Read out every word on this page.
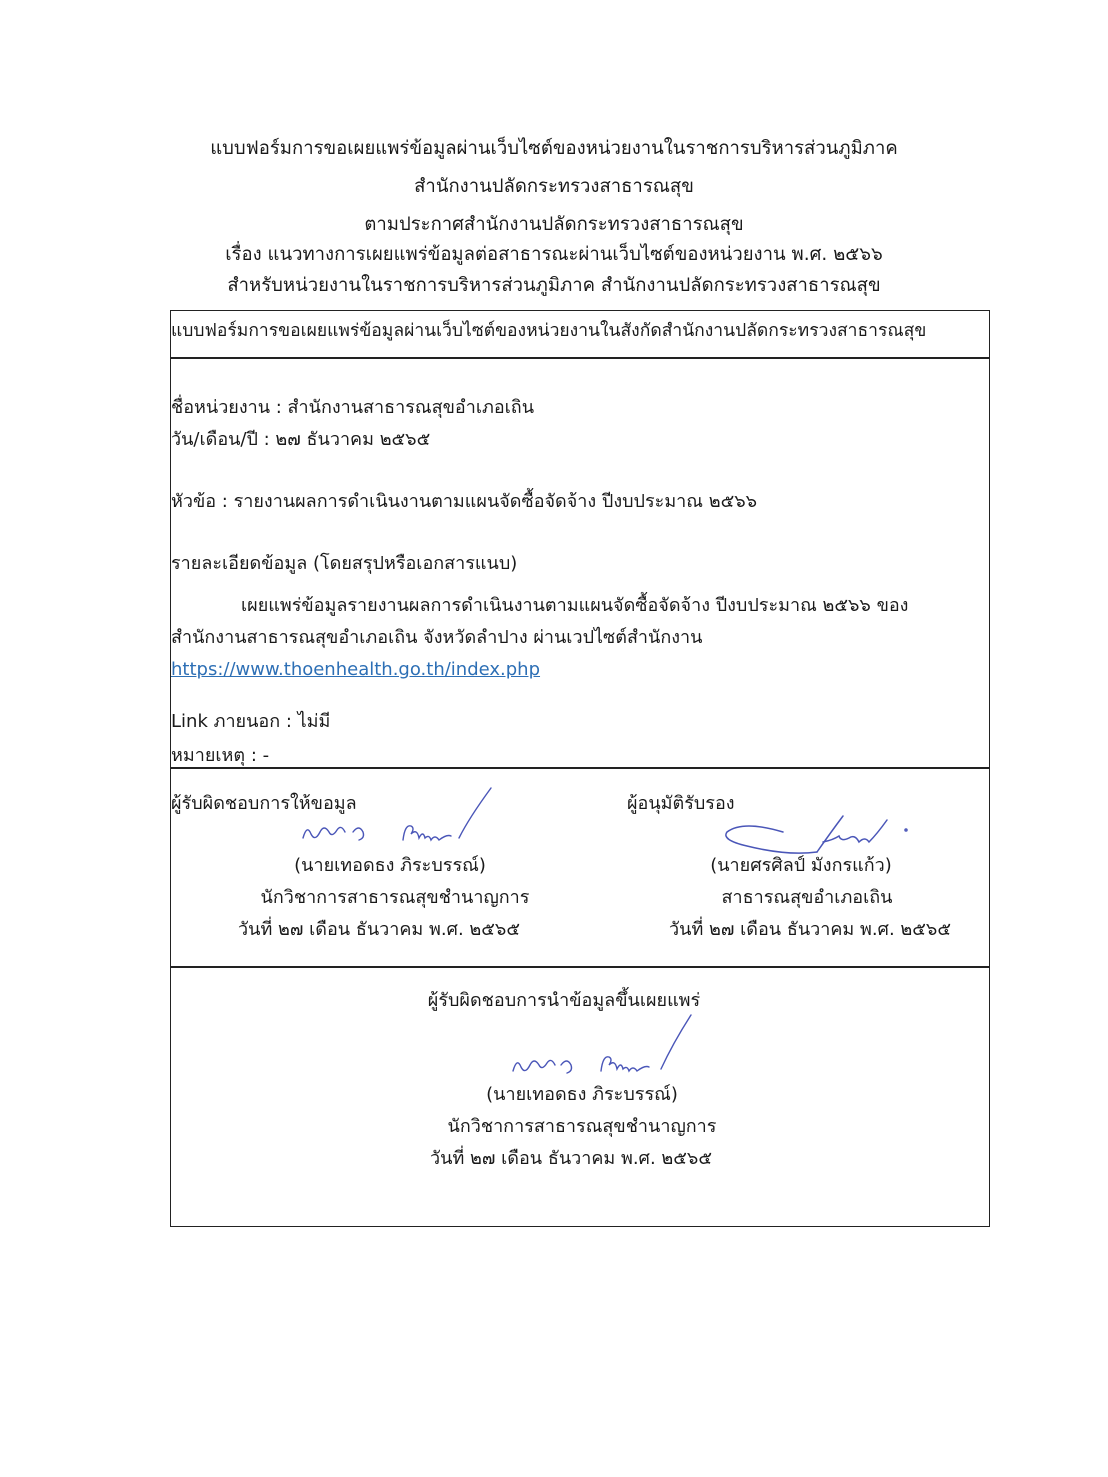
แบบฟอร์มการขอเผยแพร่ข้อมูลผ่านเว็บไซต์ของหน่วยงานในราชการบริหารส่วนภูมิภาค
สำนักงานปลัดกระทรวงสาธารณสุข
ตามประกาศสำนักงานปลัดกระทรวงสาธารณสุข
เรื่อง แนวทางการเผยแพร่ข้อมูลต่อสาธารณะผ่านเว็บไซต์ของหน่วยงาน พ.ศ. ๒๕๖๖
สำหรับหน่วยงานในราชการบริหารส่วนภูมิภาค สำนักงานปลัดกระทรวงสาธารณสุข
แบบฟอร์มการขอเผยแพร่ข้อมูลผ่านเว็บไซต์ของหน่วยงานในสังกัดสำนักงานปลัดกระทรวงสาธารณสุข
ชื่อหน่วยงาน : สำนักงานสาธารณสุขอำเภอเถิน
วัน/เดือน/ปี : ๒๗ ธันวาคม ๒๕๖๕
หัวข้อ : รายงานผลการดำเนินงานตามแผนจัดซื้อจัดจ้าง ปีงบประมาณ ๒๕๖๖
รายละเอียดข้อมูล (โดยสรุปหรือเอกสารแนบ)
เผยแพร่ข้อมูลรายงานผลการดำเนินงานตามแผนจัดซื้อจัดจ้าง ปีงบประมาณ ๒๕๖๖ ของ
สำนักงานสาธารณสุขอำเภอเถิน จังหวัดลำปาง ผ่านเวปไซต์สำนักงาน
https://www.thoenhealth.go.th/index.php
Link ภายนอก : ไม่มี
หมายเหตุ : -
ผู้รับผิดชอบการให้ขอมูล	ผู้อนุมัติรับรอง
(นายเทอดธง ภิระบรรณ์)
นักวิชาการสาธารณสุขชำนาญการ
วันที่ ๒๗ เดือน ธันวาคม พ.ศ. ๒๕๖๕
(นายศรศิลป์ มังกรแก้ว)
สาธารณสุขอำเภอเถิน
วันที่ ๒๗ เดือน ธันวาคม พ.ศ. ๒๕๖๕
ผู้รับผิดชอบการนำข้อมูลขึ้นเผยแพร่
(นายเทอดธง ภิระบรรณ์)
นักวิชาการสาธารณสุขชำนาญการ
วันที่ ๒๗ เดือน ธันวาคม พ.ศ. ๒๕๖๕
